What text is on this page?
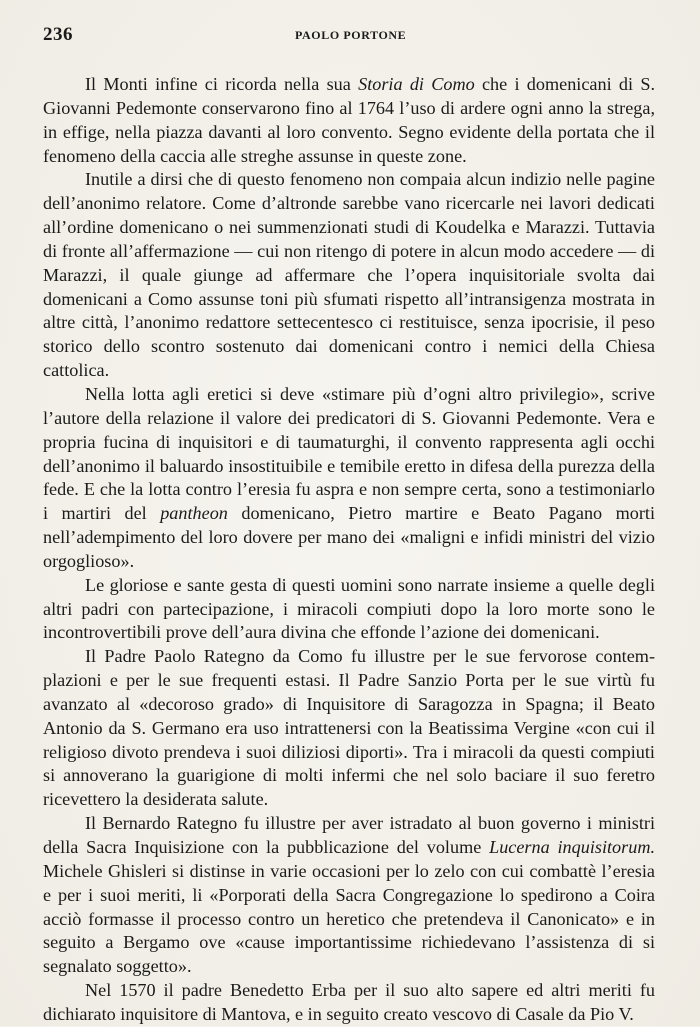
236	PAOLO PORTONE

Il Monti infine ci ricorda nella sua Storia di Como che i domenicani di S. Giovanni Pedemonte conservarono fino al 1764 l’uso di ardere ogni anno la strega, in effige, nella piazza davanti al loro convento. Segno evidente della portata che il fenomeno della caccia alle streghe assunse in queste zone.

Inutile a dirsi che di questo fenomeno non compaia alcun indizio nelle pagine dell’anonimo relatore. Come d’altronde sarebbe vano ricercarle nei lavori dedicati all’ordine domenicano o nei summenzionati studi di Koudelka e Marazzi. Tuttavia di fronte all’affermazione — cui non ritengo di potere in alcun modo accedere — di Marazzi, il quale giunge ad affermare che l’opera inquisitoriale svolta dai domenicani a Como assunse toni più sfumati rispetto all’intransigenza mostrata in altre città, l’anonimo redattore settecentesco ci restituisce, senza ipocrisie, il peso storico dello scontro sostenuto dai domenicani contro i nemici della Chiesa cattolica.

Nella lotta agli eretici si deve «stimare più d’ogni altro privilegio», scrive l’autore della relazione il valore dei predicatori di S. Giovanni Pedemonte. Vera e propria fucina di inquisitori e di taumaturghi, il convento rappresenta agli occhi dell’anonimo il baluardo insostituibile e temibile eretto in difesa della purezza della fede. E che la lotta contro l’eresia fu aspra e non sempre certa, sono a testimoniarlo i martiri del pantheon domenicano, Pietro martire e Beato Pagano morti nell’adempimento del loro dovere per mano dei «maligni e infidi ministri del vizio orgoglioso».

Le gloriose e sante gesta di questi uomini sono narrate insieme a quelle degli altri padri con partecipazione, i miracoli compiuti dopo la loro morte sono le incontrovertibili prove dell’aura divina che effonde l’azione dei domenicani.

Il Padre Paolo Rategno da Como fu illustre per le sue fervorose contemplazioni e per le sue frequenti estasi. Il Padre Sanzio Porta per le sue virtù fu avanzato al «decoroso grado» di Inquisitore di Saragozza in Spagna; il Beato Antonio da S. Germano era uso intrattenersi con la Beatissima Vergine «con cui il religioso divoto prendeva i suoi diliziosi diporti». Tra i miracoli da questi compiuti si annoverano la guarigione di molti infermi che nel solo baciare il suo feretro ricevettero la desiderata salute.

Il Bernardo Rategno fu illustre per aver istradato al buon governo i ministri della Sacra Inquisizione con la pubblicazione del volume Lucerna inquisitorum. Michele Ghisleri si distinse in varie occasioni per lo zelo con cui combattè l’eresia e per i suoi meriti, li «Porporati della Sacra Congregazione lo spedirono a Coira acciò formasse il processo contro un heretico che pretendeva il Canonicato» e in seguito a Bergamo ove «cause importantissime richiedevano l’assistenza di si segnalato soggetto».

Nel 1570 il padre Benedetto Erba per il suo alto sapere ed altri meriti fu dichiarato inquisitore di Mantova, e in seguito creato vescovo di Casale da Pio V.
